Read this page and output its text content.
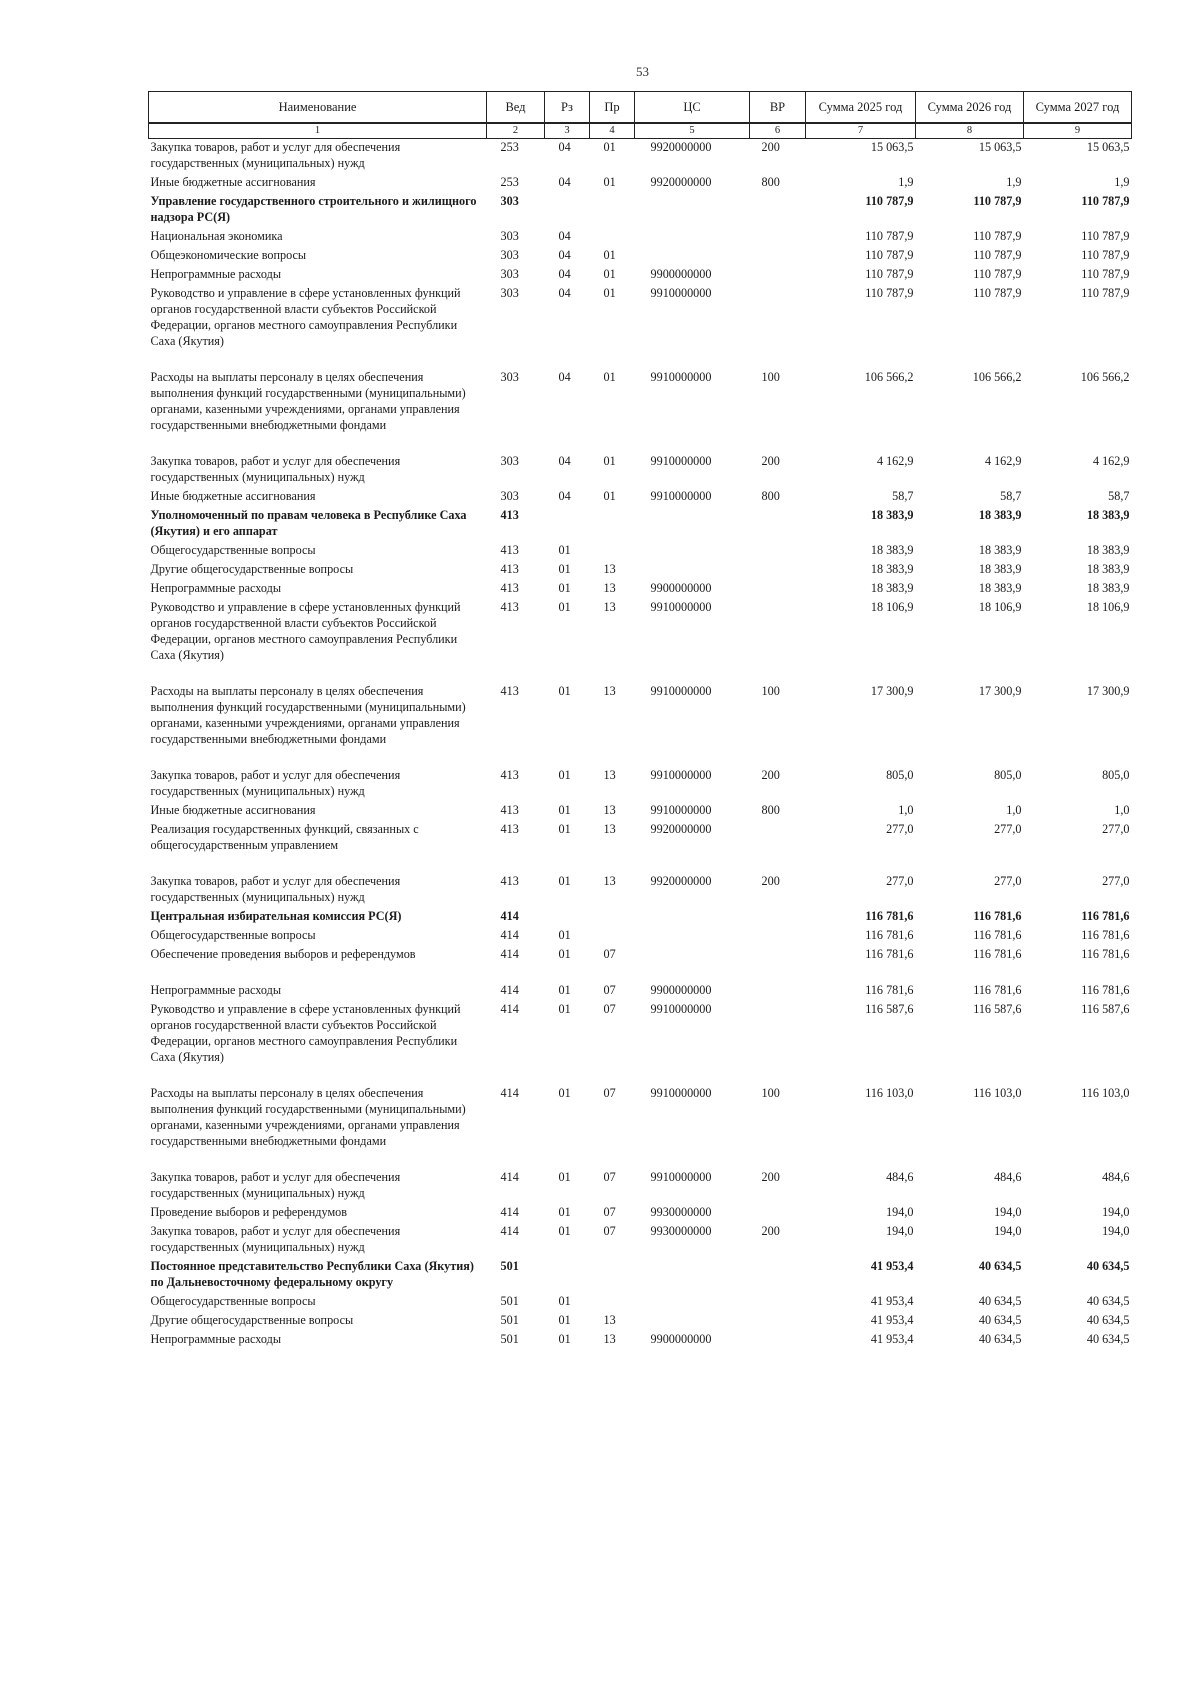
53
Наименование	Вед	Рз	Пр	ЦС	ВР	Сумма 2025 год	Сумма 2026 год	Сумма 2027 год
1	2	3	4	5	6	7	8	9
Закупка товаров, работ и услуг для обеспечения государственных (муниципальных) нужд	253	04	01	9920000000	200	15 063,5	15 063,5	15 063,5
Иные бюджетные ассигнования	253	04	01	9920000000	800	1,9	1,9	1,9
Управление государственного строительного и жилищного надзора РС(Я)	303					110 787,9	110 787,9	110 787,9
Национальная экономика	303	04				110 787,9	110 787,9	110 787,9
Общеэкономические вопросы	303	04	01			110 787,9	110 787,9	110 787,9
Непрограммные расходы	303	04	01	9900000000		110 787,9	110 787,9	110 787,9
Руководство и управление в сфере установленных функций органов государственной власти субъектов Российской Федерации, органов местного самоуправления Республики Саха (Якутия)	303	04	01	9910000000		110 787,9	110 787,9	110 787,9
Расходы на выплаты персоналу в целях обеспечения выполнения функций государственными (муниципальными) органами, казенными учреждениями, органами управления государственными внебюджетными фондами	303	04	01	9910000000	100	106 566,2	106 566,2	106 566,2
Закупка товаров, работ и услуг для обеспечения государственных (муниципальных) нужд	303	04	01	9910000000	200	4 162,9	4 162,9	4 162,9
Иные бюджетные ассигнования	303	04	01	9910000000	800	58,7	58,7	58,7
Уполномоченный по правам человека в Республике Саха (Якутия) и его аппарат	413					18 383,9	18 383,9	18 383,9
Общегосударственные вопросы	413	01				18 383,9	18 383,9	18 383,9
Другие общегосударственные вопросы	413	01	13			18 383,9	18 383,9	18 383,9
Непрограммные расходы	413	01	13	9900000000		18 383,9	18 383,9	18 383,9
Руководство и управление в сфере установленных функций органов государственной власти субъектов Российской Федерации, органов местного самоуправления Республики Саха (Якутия)	413	01	13	9910000000		18 106,9	18 106,9	18 106,9
Расходы на выплаты персоналу в целях обеспечения выполнения функций государственными (муниципальными) органами, казенными учреждениями, органами управления государственными внебюджетными фондами	413	01	13	9910000000	100	17 300,9	17 300,9	17 300,9
Закупка товаров, работ и услуг для обеспечения государственных (муниципальных) нужд	413	01	13	9910000000	200	805,0	805,0	805,0
Иные бюджетные ассигнования	413	01	13	9910000000	800	1,0	1,0	1,0
Реализация государственных функций, связанных с общегосударственным управлением	413	01	13	9920000000		277,0	277,0	277,0
Закупка товаров, работ и услуг для обеспечения государственных (муниципальных) нужд	413	01	13	9920000000	200	277,0	277,0	277,0
Центральная избирательная комиссия РС(Я)	414					116 781,6	116 781,6	116 781,6
Общегосударственные вопросы	414	01				116 781,6	116 781,6	116 781,6
Обеспечение проведения выборов и референдумов	414	01	07			116 781,6	116 781,6	116 781,6
Непрограммные расходы	414	01	07	9900000000		116 781,6	116 781,6	116 781,6
Руководство и управление в сфере установленных функций органов государственной власти субъектов Российской Федерации, органов местного самоуправления Республики Саха (Якутия)	414	01	07	9910000000		116 587,6	116 587,6	116 587,6
Расходы на выплаты персоналу в целях обеспечения выполнения функций государственными (муниципальными) органами, казенными учреждениями, органами управления государственными внебюджетными фондами	414	01	07	9910000000	100	116 103,0	116 103,0	116 103,0
Закупка товаров, работ и услуг для обеспечения государственных (муниципальных) нужд	414	01	07	9910000000	200	484,6	484,6	484,6
Проведение выборов и референдумов	414	01	07	9930000000		194,0	194,0	194,0
Закупка товаров, работ и услуг для обеспечения государственных (муниципальных) нужд	414	01	07	9930000000	200	194,0	194,0	194,0
Постоянное представительство Республики Саха (Якутия) по Дальневосточному федеральному округу	501					41 953,4	40 634,5	40 634,5
Общегосударственные вопросы	501	01				41 953,4	40 634,5	40 634,5
Другие общегосударственные вопросы	501	01	13			41 953,4	40 634,5	40 634,5
Непрограммные расходы	501	01	13	9900000000		41 953,4	40 634,5	40 634,5
